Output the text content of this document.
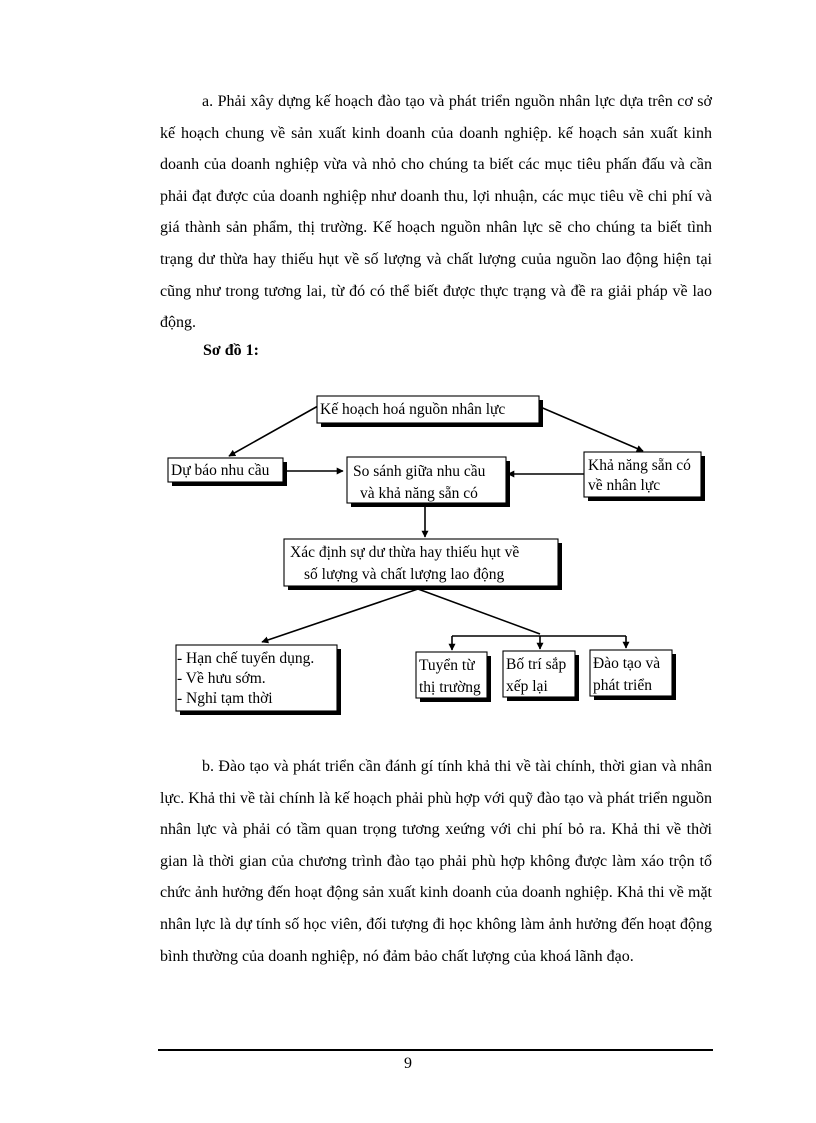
a. Phải xây dựng kế hoạch đào tạo và phát triển nguồn nhân lực dựa trên cơ sở kế hoạch chung về sản xuất kinh doanh của doanh nghiệp. kế hoạch sản xuất kinh doanh của doanh nghiệp vừa và nhỏ cho chúng ta biết các mục tiêu phấn đấu và cần phải đạt được của doanh nghiệp như doanh thu, lợi nhuận, các mục tiêu về chi phí và giá thành sản phẩm, thị trường. Kế hoạch nguồn nhân lực sẽ cho chúng ta biết tình trạng dư thừa hay thiếu hụt về số lượng và chất lượng cuủa nguồn lao động hiện tại cũng như trong tương lai, từ đó có thể biết được thực trạng và đề ra giải pháp về lao động.

Sơ đồ 1:

Kế hoạch hoá nguồn nhân lực
Dự báo nhu cầu	So sánh giữa nhu cầu
và khả năng sẵn có
Khả năng sẵn có
về nhân lực
Xác định sự dư thừa hay thiếu hụt về
số lượng và chất lượng lao động
- Hạn chế tuyển dụng.
- Về hưu sớm.
- Nghỉ tạm thời
Tuyển từ
thị trường
Bố trí sắp
xếp lại
Đào tạo và
phát triển

b. Đào tạo và phát triển cần đánh gí tính khả thi về tài chính, thời gian và nhân lực. Khả thi về tài chính là kế hoạch phải phù hợp với quỹ đào tạo và phát triển nguồn nhân lực và phải có tầm quan trọng tương xeứng với chi phí bỏ ra. Khả thi về thời gian là thời gian của chương trình đào tạo phải phù hợp không được làm xáo trộn tổ chức ảnh hưởng đến hoạt động sản xuất kinh doanh của doanh nghiệp. Khả thi về mặt nhân lực là dự tính số học viên, đối tượng đi học không làm ảnh hưởng đến hoạt động bình thường của doanh nghiệp, nó đảm bảo chất lượng của khoá lãnh đạo.

9
